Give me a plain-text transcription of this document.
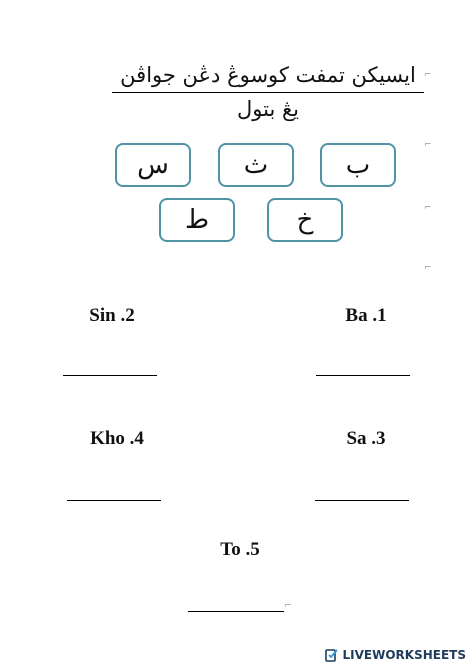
ايسيكن تمفت كوسوڠ دڠن جواڤن يڠ بتول
⌐
⌐
⌐
⌐
س	ث	ب
ط	خ
Sin .2	Ba .1
Kho .4	Sa .3
To .5
⌐
LIVEWORKSHEETS
